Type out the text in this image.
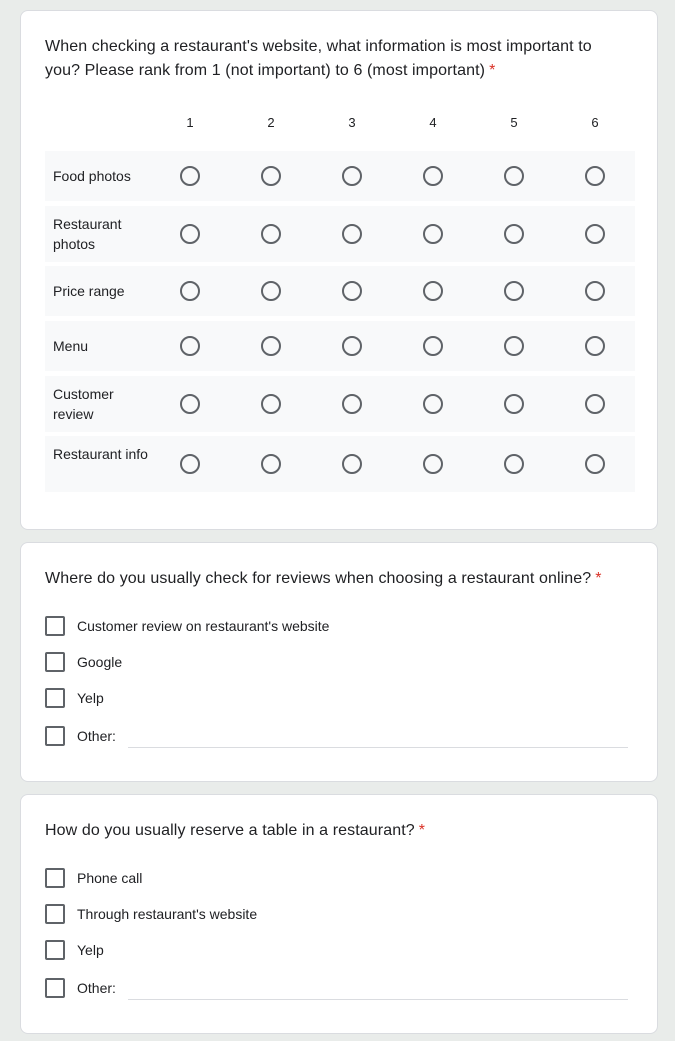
When checking a restaurant's website, what information is most important to you? Please rank from 1 (not important) to 6 (most important) *
1	2	3	4	5	6
Food photos
Restaurant photos
Price range
Menu
Customer review
Restaurant info
Where do you usually check for reviews when choosing a restaurant online? *
Customer review on restaurant's website
Google
Yelp
Other:
How do you usually reserve a table in a restaurant? *
Phone call
Through restaurant's website
Yelp
Other:
